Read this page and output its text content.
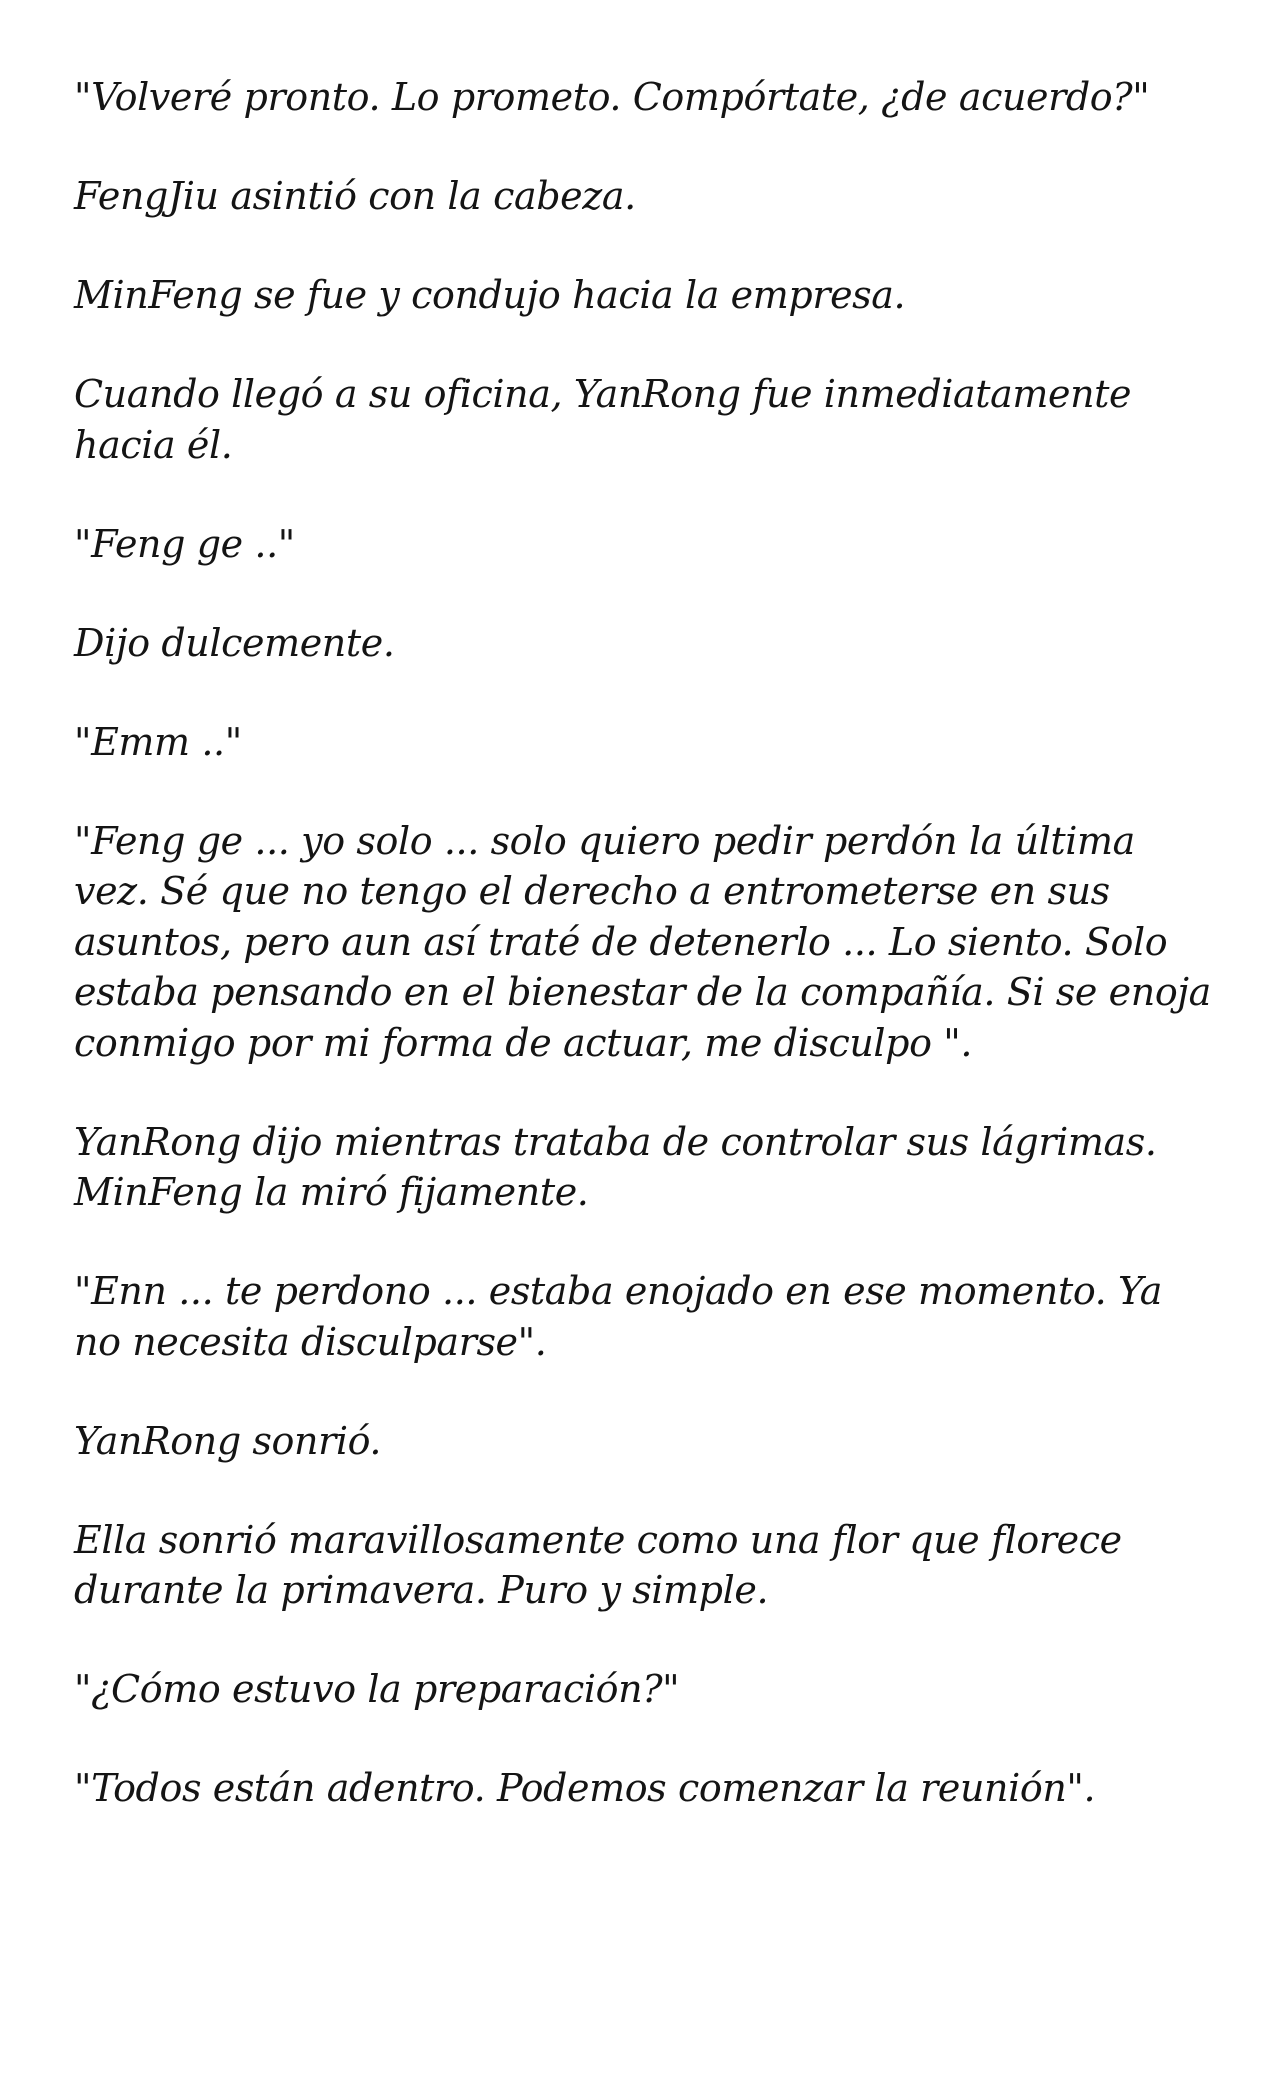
"Volveré pronto. Lo prometo. Compórtate, ¿de acuerdo?"

FengJiu asintió con la cabeza.

MinFeng se fue y condujo hacia la empresa.

Cuando llegó a su oficina, YanRong fue inmediatamente hacia él.

"Feng ge .."

Dijo dulcemente.

"Emm .."

"Feng ge ... yo solo ... solo quiero pedir perdón la última vez. Sé que no tengo el derecho a entrometerse en sus asuntos, pero aun así traté de detenerlo ... Lo siento. Solo estaba pensando en el bienestar de la compañía. Si se enoja conmigo por mi forma de actuar, me disculpo ".

YanRong dijo mientras trataba de controlar sus lágrimas. MinFeng la miró fijamente.

"Enn ... te perdono ... estaba enojado en ese momento. Ya no necesita disculparse".

YanRong sonrió.

Ella sonrió maravillosamente como una flor que florece durante la primavera. Puro y simple.

"¿Cómo estuvo la preparación?"

"Todos están adentro. Podemos comenzar la reunión".
